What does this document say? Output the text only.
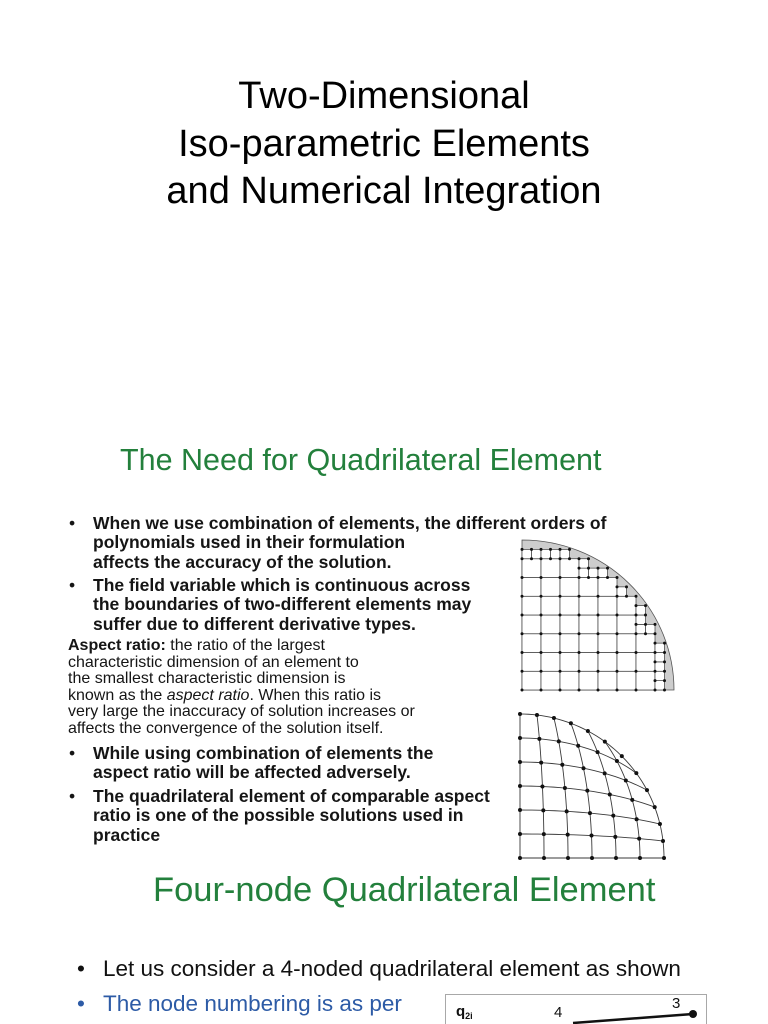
Two-Dimensional
Iso-parametric Elements
and Numerical Integration
The Need for Quadrilateral Element
• When we use combination of elements, the different orders of
polynomials used in their formulation
affects the accuracy of the solution.
• The field variable which is continuous across
the boundaries of two-different elements may
suffer due to different derivative types.
Aspect ratio: the ratio of the largest
characteristic dimension of an element to
the smallest characteristic dimension is
known as the aspect ratio. When this ratio is
very large the inaccuracy of solution increases or
affects the convergence of the solution itself.
• While using combination of elements the
aspect ratio will be affected adversely.
• The quadrilateral element of comparable aspect
ratio is one of the possible solutions used in
practice
Four-node Quadrilateral Element
• Let us consider a 4-noded quadrilateral element as shown
• The node numbering is as per	$q_{2i}$	4
3
